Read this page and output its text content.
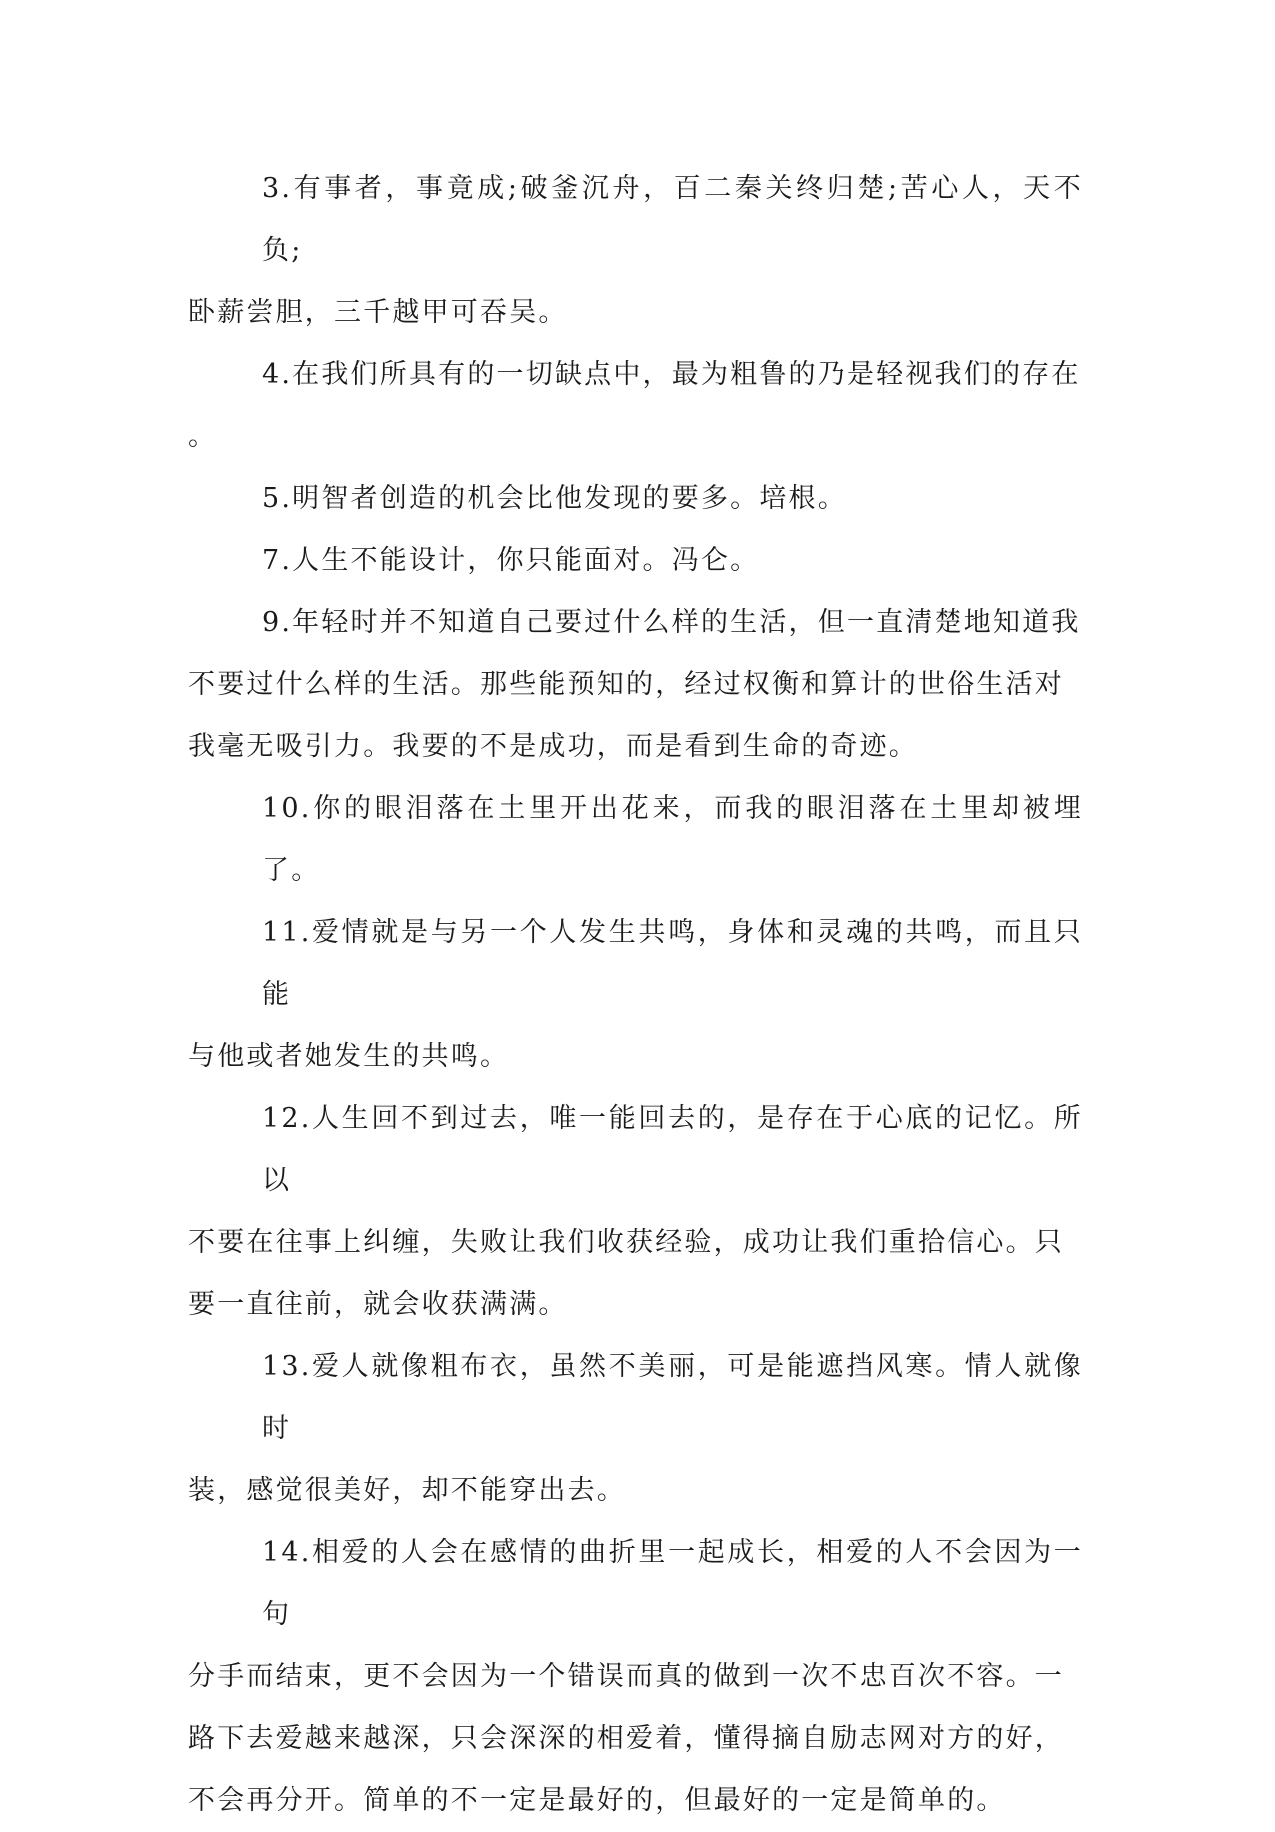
3.有事者，事竟成;破釜沉舟，百二秦关终归楚;苦心人，天不负;
卧薪尝胆，三千越甲可吞吴。

4.在我们所具有的一切缺点中，最为粗鲁的乃是轻视我们的存在
。

5.明智者创造的机会比他发现的要多。培根。

7.人生不能设计，你只能面对。冯仑。

9.年轻时并不知道自己要过什么样的生活，但一直清楚地知道我
不要过什么样的生活。那些能预知的，经过权衡和算计的世俗生活对
我毫无吸引力。我要的不是成功，而是看到生命的奇迹。

10.你的眼泪落在土里开出花来，而我的眼泪落在土里却被埋了。

11.爱情就是与另一个人发生共鸣，身体和灵魂的共鸣，而且只能
与他或者她发生的共鸣。

12.人生回不到过去，唯一能回去的，是存在于心底的记忆。所以
不要在往事上纠缠，失败让我们收获经验，成功让我们重拾信心。只
要一直往前，就会收获满满。

13.爱人就像粗布衣，虽然不美丽，可是能遮挡风寒。情人就像时
装，感觉很美好，却不能穿出去。

14.相爱的人会在感情的曲折里一起成长，相爱的人不会因为一句
分手而结束，更不会因为一个错误而真的做到一次不忠百次不容。一
路下去爱越来越深，只会深深的相爱着，懂得摘自励志网对方的好，
不会再分开。简单的不一定是最好的，但最好的一定是简单的。
